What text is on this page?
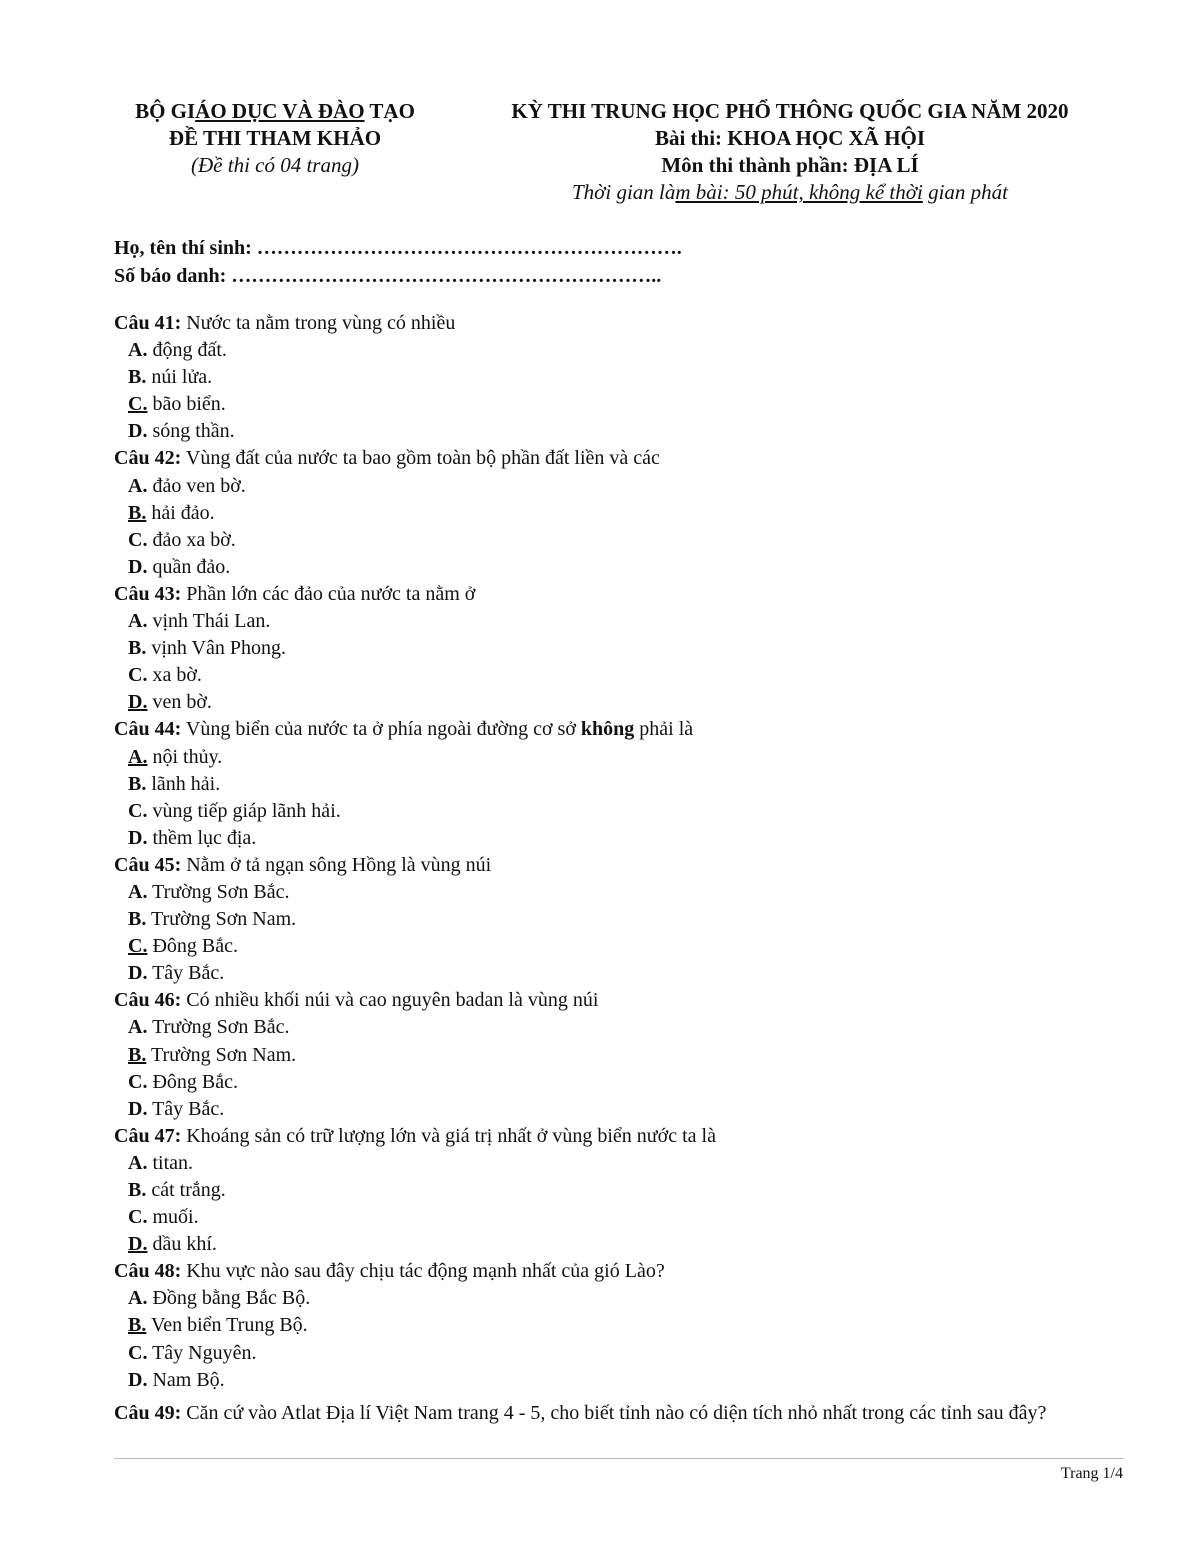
BỘ GIÁO DỤC VÀ ĐÀO TẠO
ĐỀ THI THAM KHẢO
(Đề thi có 04 trang)
KỲ THI TRUNG HỌC PHỔ THÔNG QUỐC GIA NĂM 2020
Bài thi: KHOA HỌC XÃ HỘI
Môn thi thành phần: ĐỊA LÍ
Thời gian làm bài: 50 phút, không kể thời gian phát
Họ, tên thí sinh: ……………………………………………………….
Số báo danh: ………………………………………………………..

Câu 41: Nước ta nằm trong vùng có nhiều

A. động đất.

B. núi lửa.

C. bão biển.

D. sóng thần.

Câu 42: Vùng đất của nước ta bao gồm toàn bộ phần đất liền và các

A. đảo ven bờ.

B. hải đảo.

C. đảo xa bờ.

D. quần đảo.

Câu 43: Phần lớn các đảo của nước ta nằm ở

A. vịnh Thái Lan.

B. vịnh Vân Phong.

C. xa bờ.

D. ven bờ.

Câu 44: Vùng biển của nước ta ở phía ngoài đường cơ sở không phải là

A. nội thủy.

B. lãnh hải.

C. vùng tiếp giáp lãnh hải.

D. thềm lục địa.

Câu 45: Nằm ở tả ngạn sông Hồng là vùng núi

A. Trường Sơn Bắc.

B. Trường Sơn Nam.

C. Đông Bắc.

D. Tây Bắc.

Câu 46: Có nhiều khối núi và cao nguyên badan là vùng núi

A. Trường Sơn Bắc.

B. Trường Sơn Nam.

C. Đông Bắc.

D. Tây Bắc.

Câu 47: Khoáng sản có trữ lượng lớn và giá trị nhất ở vùng biển nước ta là

A. titan.

B. cát trắng.

C. muối.

D. dầu khí.

Câu 48: Khu vực nào sau đây chịu tác động mạnh nhất của gió Lào?

A. Đồng bằng Bắc Bộ.

B. Ven biển Trung Bộ.

C. Tây Nguyên.

D. Nam Bộ.

Câu 49: Căn cứ vào Atlat Địa lí Việt Nam trang 4 - 5, cho biết tỉnh nào có diện tích nhỏ nhất trong các tỉnh sau đây?

Trang 1/4
